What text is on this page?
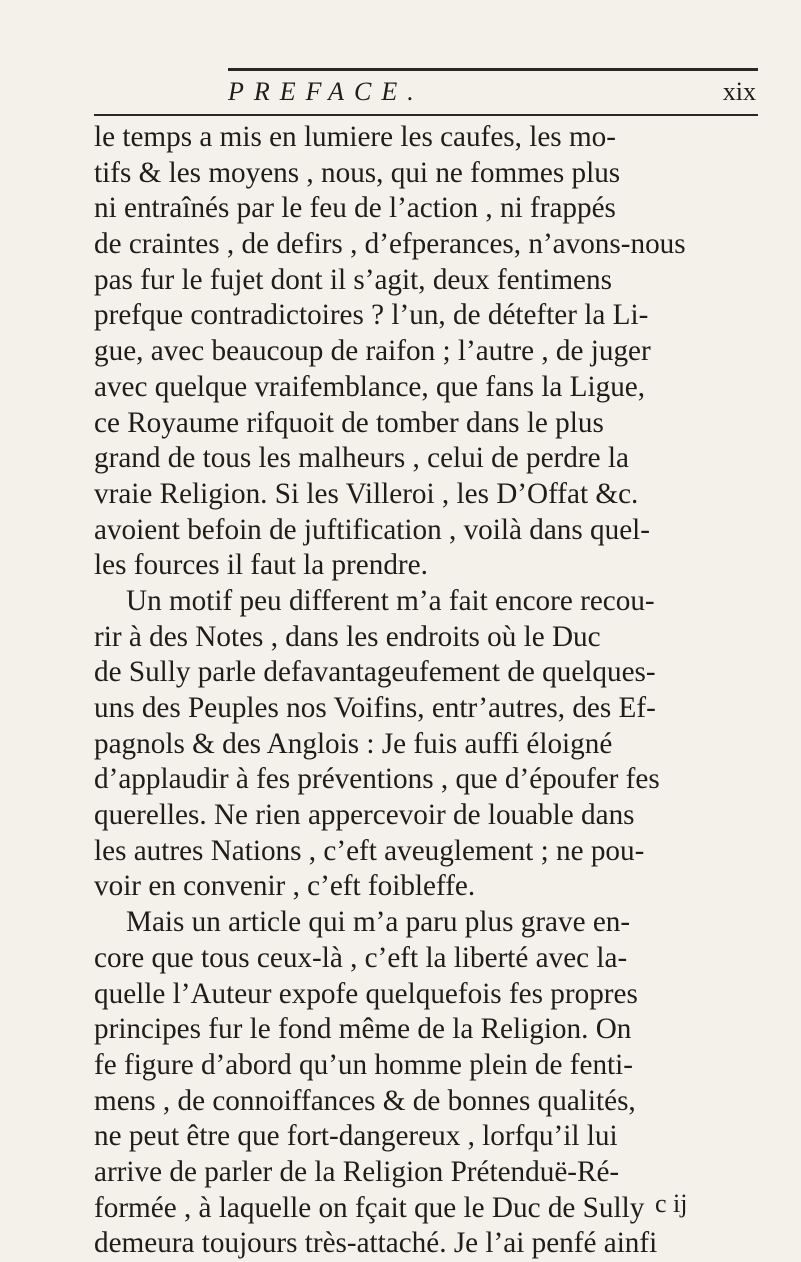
PREFACE.	xix
le temps a mis en lumiere les caufes, les mo-
tifs & les moyens , nous, qui ne fommes plus
ni entraînés par le feu de l’action , ni frappés
de craintes , de defirs , d’efperances, n’avons-nous
pas fur le fujet dont il s’agit, deux fentimens
prefque contradictoires ? l’un, de détefter la Li-
gue, avec beaucoup de raifon ; l’autre , de juger
avec quelque vraifemblance, que fans la Ligue,
ce Royaume rifquoit de tomber dans le plus
grand de tous les malheurs , celui de perdre la
vraie Religion. Si les Villeroi , les D’Offat &c.
avoient befoin de juftification , voilà dans quel-
les fources il faut la prendre.
Un motif peu different m’a fait encore recou-
rir à des Notes , dans les endroits où le Duc
de Sully parle defavantageufement de quelques-
uns des Peuples nos Voifins, entr’autres, des Ef-
pagnols & des Anglois : Je fuis auffi éloigné
d’applaudir à fes préventions , que d’époufer fes
querelles. Ne rien appercevoir de louable dans
les autres Nations , c’eft aveuglement ; ne pou-
voir en convenir , c’eft foibleffe.
Mais un article qui m’a paru plus grave en-
core que tous ceux-là , c’eft la liberté avec la-
quelle l’Auteur expofe quelquefois fes propres
principes fur le fond même de la Religion. On
fe figure d’abord qu’un homme plein de fenti-
mens , de connoiffances & de bonnes qualités,
ne peut être que fort-dangereux , lorfqu’il lui
arrive de parler de la Religion Prétenduë-Ré-
formée , à laquelle on fçait que le Duc de Sully
demeura toujours très-attaché. Je l’ai penfé ainfi
c ij
